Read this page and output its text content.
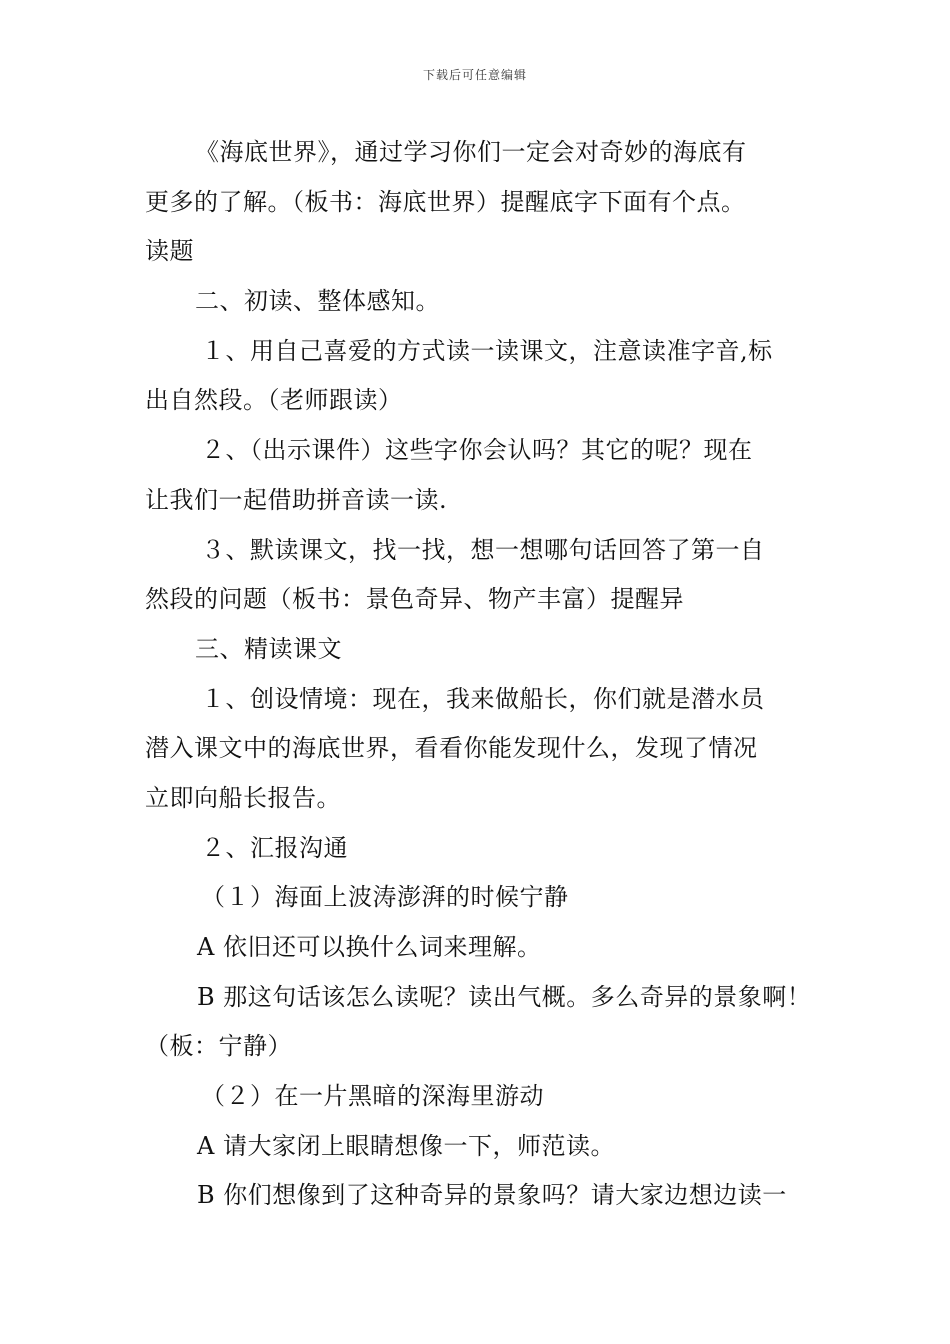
下载后可任意编辑
《海底世界》，通过学习你们一定会对奇妙的海底有
更多的了解。（板书：海底世界）提醒底字下面有个点。
读题
二、初读、整体感知。
１、用自己喜爱的方式读一读课文，注意读准字音,标
出自然段。（老师跟读）
２、（出示课件）这些字你会认吗？其它的呢？现在
让我们一起借助拼音读一读.
３、默读课文，找一找，想一想哪句话回答了第一自
然段的问题（板书：景色奇异、物产丰富）提醒异
三、精读课文
１、创设情境：现在，我来做船长，你们就是潜水员
潜入课文中的海底世界，看看你能发现什么，发现了情况
立即向船长报告。
２、汇报沟通
（１）海面上波涛澎湃的时候宁静
A 依旧还可以换什么词来理解。
B 那这句话该怎么读呢？读出气概。多么奇异的景象啊！
（板：宁静）
（２）在一片黑暗的深海里游动
A 请大家闭上眼睛想像一下，师范读。
B 你们想像到了这种奇异的景象吗？请大家边想边读一
